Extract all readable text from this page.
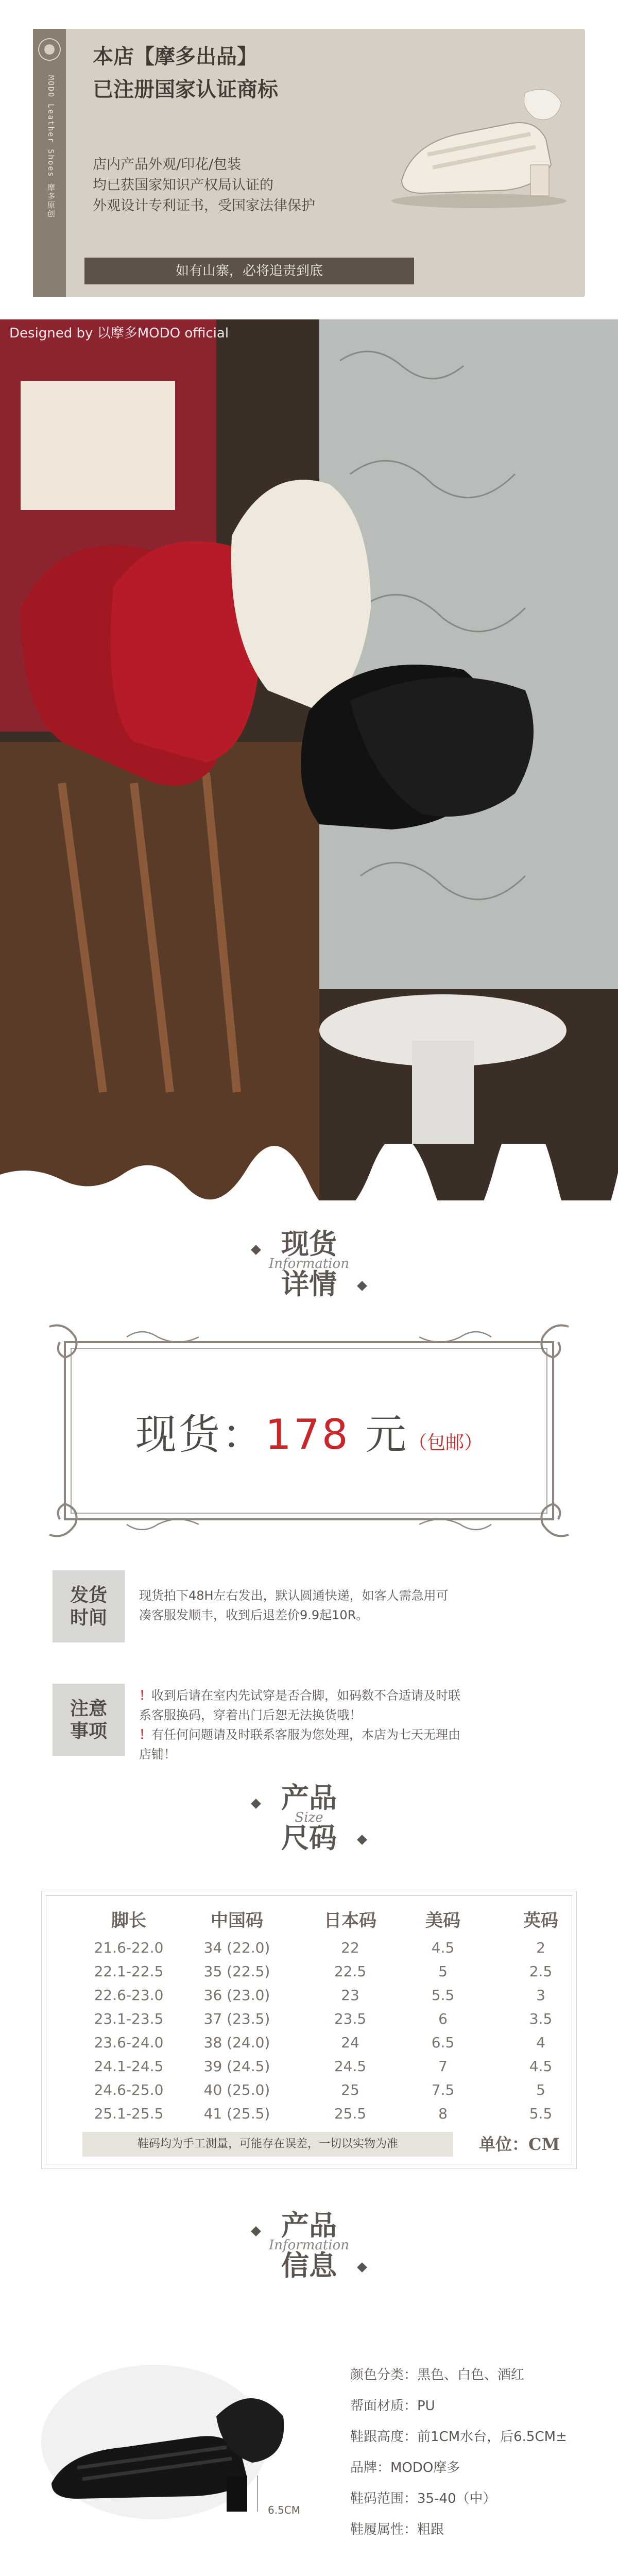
MODO Leather Shoes 摩多原创
本店【摩多出品】
已注册国家认证商标
店内产品外观/印花/包装
均已获国家知识产权局认证的
外观设计专利证书，受国家法律保护
如有山寨，必将追责到底
Designed by 以摩多MODO official
现货
Information
详情
现货：178 元（包邮）
发货
时间
现货拍下48H左右发出，默认圆通快递，如客人需急用可
凑客服发顺丰，收到后退差价9.9起10R。
注意
事项
！收到后请在室内先试穿是否合脚，如码数不合适请及时联
系客服换码，穿着出门后恕无法换货哦！
！有任何问题请及时联系客服为您处理，本店为七天无理由
店铺！
产品
Size
尺码
脚长	中国码	日本码	美码	英码
21.6-22.0	34 (22.0)	22	4.5	2
22.1-22.5	35 (22.5)	22.5	5	2.5
22.6-23.0	36 (23.0)	23	5.5	3
23.1-23.5	37 (23.5)	23.5	6	3.5
23.6-24.0	38 (24.0)	24	6.5	4
24.1-24.5	39 (24.5)	24.5	7	4.5
24.6-25.0	40 (25.0)	25	7.5	5
25.1-25.5	41 (25.5)	25.5	8	5.5
鞋码均为手工测量，可能存在误差，一切以实物为准	单位：CM
产品
Information
信息
6.5CM
颜色分类：黑色、白色、酒红
帮面材质：PU
鞋跟高度：前1CM水台，后6.5CM±
品牌：MODO摩多
鞋码范围：35-40（中）
鞋履属性：粗跟
